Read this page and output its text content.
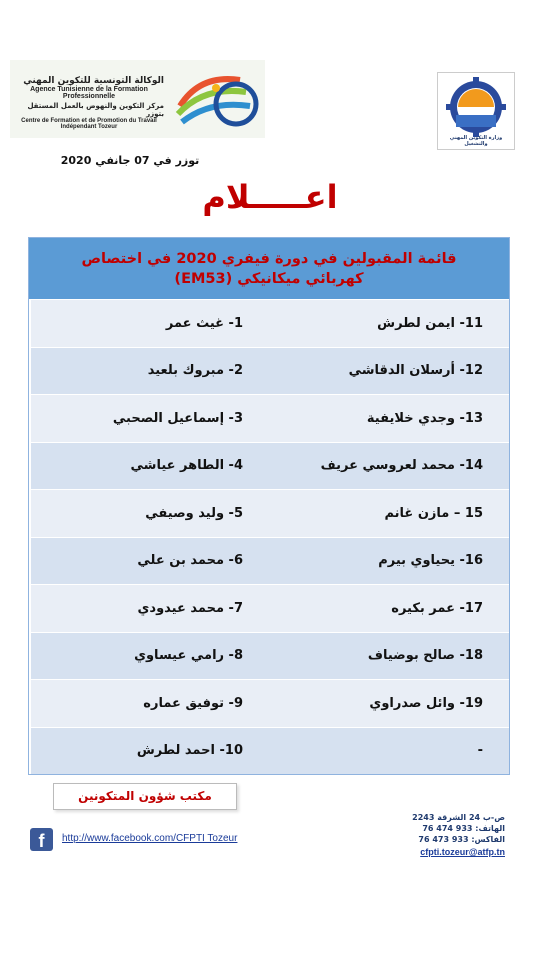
الوكالة التونسية للتكوين المهني
Agence Tunisienne de la Formation Professionnelle
مركز التكوين والنهوض بالعمل المستقل بتوزر
Centre de Formation et de Promotion du Travail Indépendant Tozeur
وزارة التكوين المهني والتشغيل
توزر في 07 جانفي 2020
اعـــــلام
قائمة المقبولين في دورة فيفري 2020 في اختصاص
كهربائي ميكانيكي (EM53)
1- غيث عمر	11- ايمن لطرش
2- مبروك بلعيد	12- أرسلان الدقاشي
3- إسماعيل الصحبي	13- وجدي خلايفية
4- الطاهر عياشي	14- محمد لعروسي عريف
5- وليد وصيفي	15 – مازن غانم
6- محمد بن علي	16- يحياوي بيرم
7- محمد عيدودي	17- عمر بكيره
8- رامي عيساوي	18- صالح بوضياف
9- توفيق عماره	19- وائل صدراوي
10- احمد لطرش	-
مكتب شؤون المتكونين
f	http://www.facebook.com/CFPTI Tozeur
ص-ب 24 الشرقة 2243
الهاتف: 933 474 76
الفاكس: 933 473 76
cfpti.tozeur@atfp.tn
